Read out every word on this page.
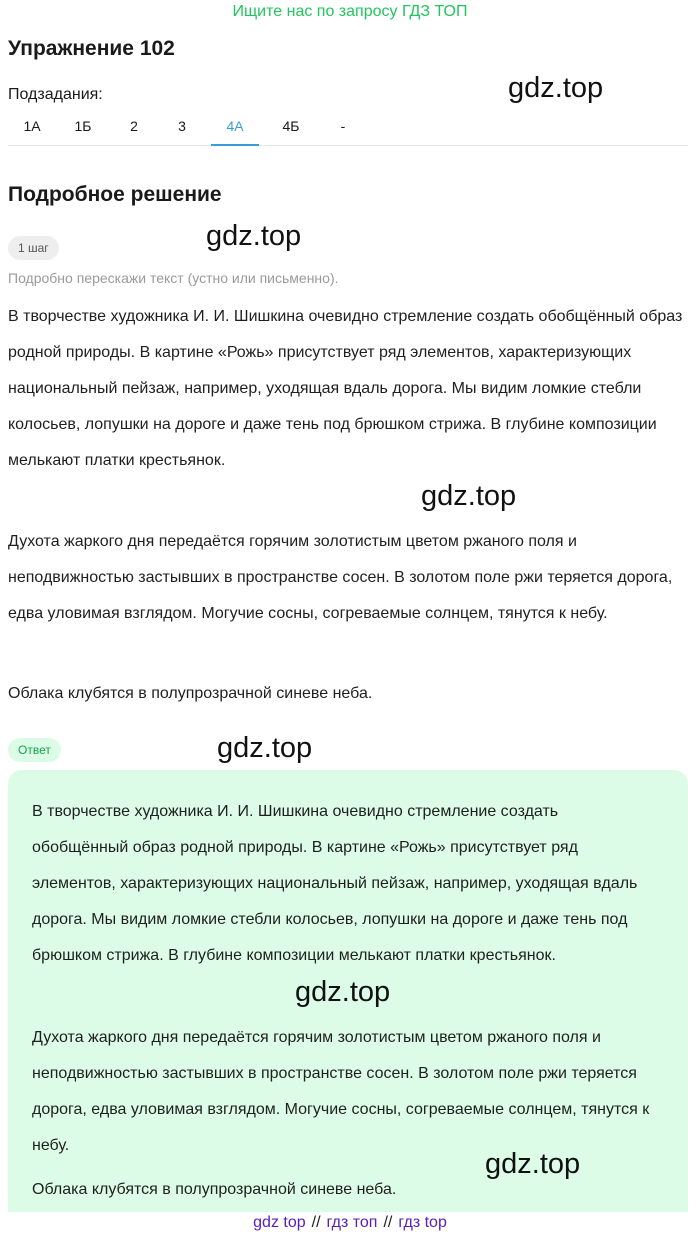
Ищите нас по запросу ГДЗ ТОП
Упражнение 102
Подзадания:
1А	1Б	2	3	4А	4Б	-
Подробное решение
1 шаг
Подробно перескажи текст (устно или письменно).
В творчестве художника И. И. Шишкина очевидно стремление создать обобщённый образ родной природы. В картине «Рожь» присутствует ряд элементов, характеризующих национальный пейзаж, например, уходящая вдаль дорога. Мы видим ломкие стебли колосьев, лопушки на дороге и даже тень под брюшком стрижа. В глубине композиции мелькают платки крестьянок.
Духота жаркого дня передаётся горячим золотистым цветом ржаного поля и неподвижностью застывших в пространстве сосен. В золотом поле ржи теряется дорога, едва уловимая взглядом. Могучие сосны, согреваемые солнцем, тянутся к небу.
Облака клубятся в полупрозрачной синеве неба.
Ответ
В творчестве художника И. И. Шишкина очевидно стремление создать обобщённый образ родной природы. В картине «Рожь» присутствует ряд элементов, характеризующих национальный пейзаж, например, уходящая вдаль дорога. Мы видим ломкие стебли колосьев, лопушки на дороге и даже тень под брюшком стрижа. В глубине композиции мелькают платки крестьянок.
Духота жаркого дня передаётся горячим золотистым цветом ржаного поля и неподвижностью застывших в пространстве сосен. В золотом поле ржи теряется дорога, едва уловимая взглядом. Могучие сосны, согреваемые солнцем, тянутся к небу.
Облака клубятся в полупрозрачной синеве неба.
gdz.top
gdz.top
gdz.top
gdz.top
gdz.top
gdz.top
gdz top // гдз топ // гдз top
